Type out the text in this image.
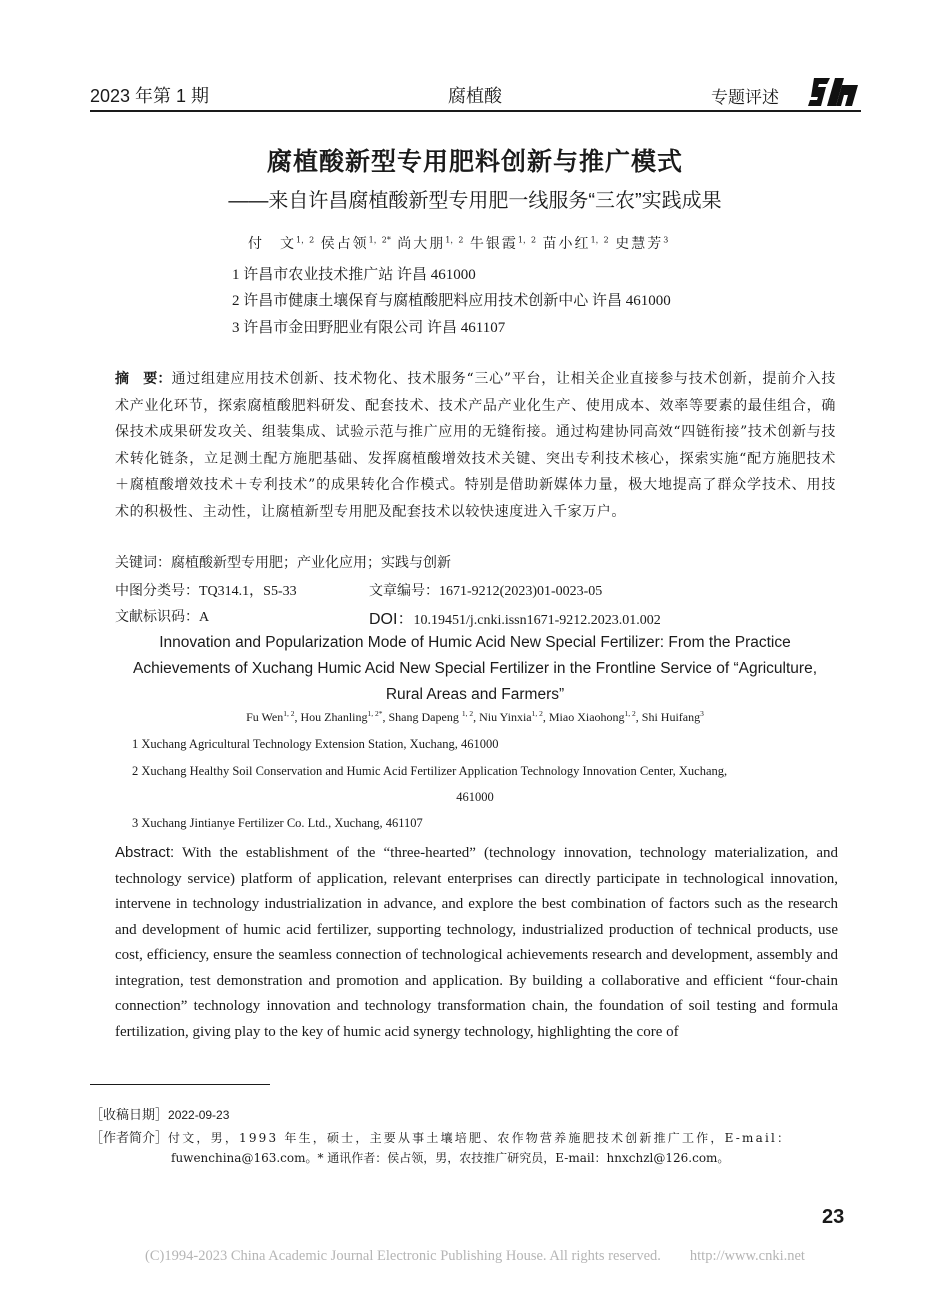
2023 年第 1 期	腐植酸	专题评述
腐植酸新型专用肥料创新与推广模式
——来自许昌腐植酸新型专用肥一线服务“三农”实践成果
付　文$^{1,2}$ 侯占领$^{1,2*}$ 尚大朋$^{1,2}$ 牛银霞$^{1,2}$ 苗小红$^{1,2}$ 史慧芳$^3$
1 许昌市农业技术推广站 许昌 461000
2 许昌市健康土壤保育与腐植酸肥料应用技术创新中心 许昌 461000
3 许昌市金田野肥业有限公司 许昌 461107
摘　要：通过组建应用技术创新、技术物化、技术服务“三心”平台，让相关企业直接参与技术创新，提前介入技术产业化环节，探索腐植酸肥料研发、配套技术、技术产品产业化生产、使用成本、效率等要素的最佳组合，确保技术成果研发攻关、组装集成、试验示范与推广应用的无缝衔接。通过构建协同高效“四链衔接”技术创新与技术转化链条，立足测土配方施肥基础、发挥腐植酸增效技术关键、突出专利技术核心，探索实施“配方施肥技术＋腐植酸增效技术＋专利技术”的成果转化合作模式。特别是借助新媒体力量，极大地提高了群众学技术、用技术的积极性、主动性，让腐植新型专用肥及配套技术以较快速度进入千家万户。
关键词：腐植酸新型专用肥；产业化应用；实践与创新
中图分类号：TQ314.1，S5-33	文章编号：1671-9212(2023)01-0023-05
文献标识码：A	DOI：10.19451/j.cnki.issn1671-9212.2023.01.002
Innovation and Popularization Mode of Humic Acid New Special Fertilizer: From the Practice
Achievements of Xuchang Humic Acid New Special Fertilizer in the Frontline Service of “Agriculture,
Rural Areas and Farmers”
Fu Wen$^{1, 2}$, Hou Zhanling$^{1, 2*}$, Shang Dapeng $^{1, 2}$, Niu Yinxia$^{1, 2}$, Miao Xiaohong$^{1, 2}$, Shi Huifang$^3$
1 Xuchang Agricultural Technology Extension Station, Xuchang, 461000
2 Xuchang Healthy Soil Conservation and Humic Acid Fertilizer Application Technology Innovation Center, Xuchang,
461000
3 Xuchang Jintianye Fertilizer Co. Ltd., Xuchang, 461107
Abstract: With the establishment of the “three-hearted” (technology innovation, technology materialization, and technology service) platform of application, relevant enterprises can directly participate in technological innovation, intervene in technology industrialization in advance, and explore the best combination of factors such as the research and development of humic acid fertilizer, supporting technology, industrialized production of technical products, use cost, efficiency, ensure the seamless connection of technological achievements research and development, assembly and integration, test demonstration and promotion and application. By building a collaborative and efficient “four-chain connection” technology innovation and technology transformation chain, the foundation of soil testing and formula fertilization, giving play to the key of humic acid synergy technology, highlighting the core of
［收稿日期］2022-09-23
［作者简介］付文，男，1993 年生，硕士，主要从事土壤培肥、农作物营养施肥技术创新推广工作，E-mail：
fuwenchina@163.com。* 通讯作者：侯占领，男，农技推广研究员，E-mail：hnxchzl@126.com。
23
(C)1994-2023 China Academic Journal Electronic Publishing House. All rights reserved.　　http://www.cnki.net
